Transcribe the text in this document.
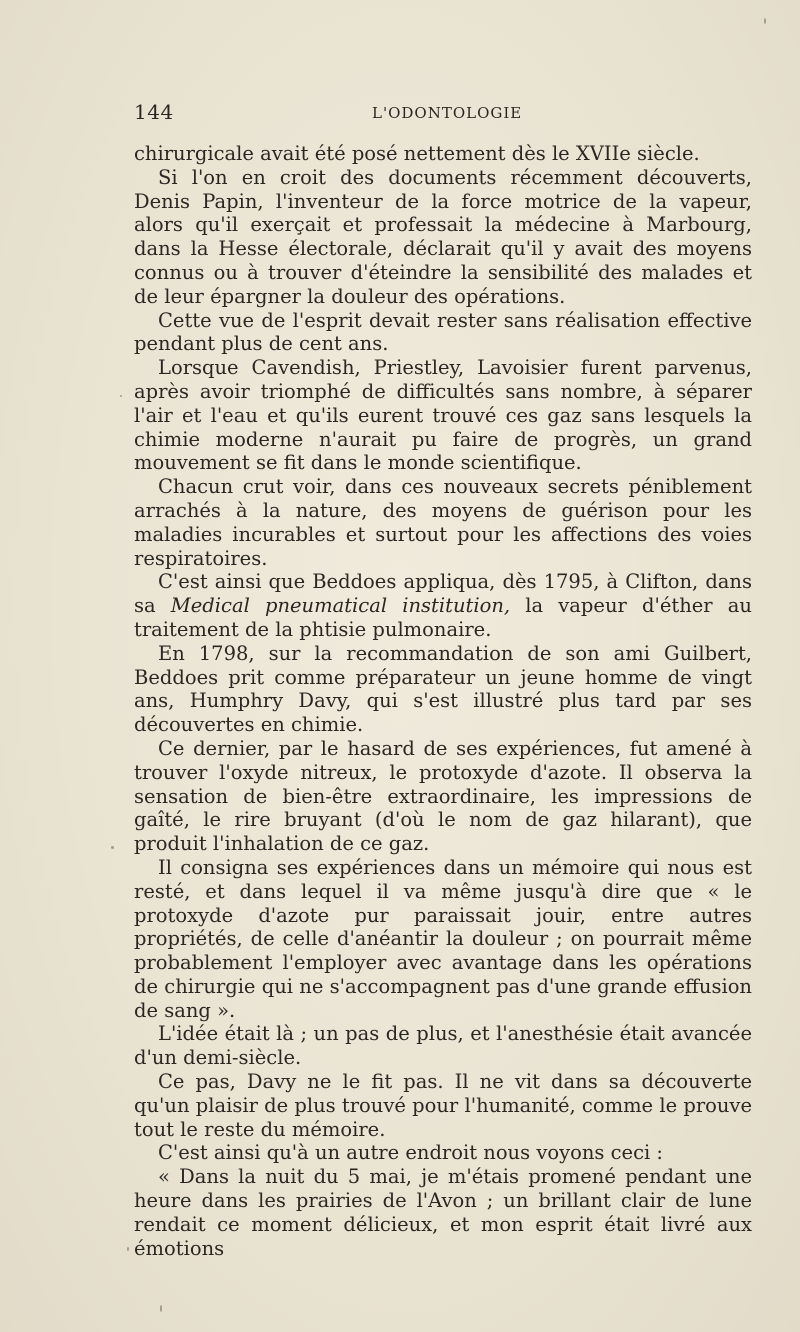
144	L'ODONTOLOGIE

chirurgicale avait été posé nettement dès le XVIIe siècle.

Si l'on en croit des documents récemment découverts, Denis Papin, l'inventeur de la force motrice de la vapeur, alors qu'il exerçait et professait la médecine à Marbourg, dans la Hesse électorale, déclarait qu'il y avait des moyens connus ou à trouver d'éteindre la sensibilité des malades et de leur épargner la douleur des opérations.

Cette vue de l'esprit devait rester sans réalisation effective pendant plus de cent ans.

Lorsque Cavendish, Priestley, Lavoisier furent parvenus, après avoir triomphé de difficultés sans nombre, à séparer l'air et l'eau et qu'ils eurent trouvé ces gaz sans lesquels la chimie moderne n'aurait pu faire de progrès, un grand mouvement se fit dans le monde scientifique.

Chacun crut voir, dans ces nouveaux secrets péniblement arrachés à la nature, des moyens de guérison pour les maladies incurables et surtout pour les affections des voies respiratoires.

C'est ainsi que Beddoes appliqua, dès 1795, à Clifton, dans sa Medical pneumatical institution, la vapeur d'éther au traitement de la phtisie pulmonaire.

En 1798, sur la recommandation de son ami Guilbert, Beddoes prit comme préparateur un jeune homme de vingt ans, Humphry Davy, qui s'est illustré plus tard par ses découvertes en chimie.

Ce dernier, par le hasard de ses expériences, fut amené à trouver l'oxyde nitreux, le protoxyde d'azote. Il observa la sensation de bien-être extraordinaire, les impressions de gaîté, le rire bruyant (d'où le nom de gaz hilarant), que produit l'inhalation de ce gaz.

Il consigna ses expériences dans un mémoire qui nous est resté, et dans lequel il va même jusqu'à dire que « le protoxyde d'azote pur paraissait jouir, entre autres propriétés, de celle d'anéantir la douleur ; on pourrait même probablement l'employer avec avantage dans les opérations de chirurgie qui ne s'accompagnent pas d'une grande effusion de sang ».

L'idée était là ; un pas de plus, et l'anesthésie était avancée d'un demi-siècle.

Ce pas, Davy ne le fit pas. Il ne vit dans sa découverte qu'un plaisir de plus trouvé pour l'humanité, comme le prouve tout le reste du mémoire.

C'est ainsi qu'à un autre endroit nous voyons ceci :

« Dans la nuit du 5 mai, je m'étais promené pendant une heure dans les prairies de l'Avon ; un brillant clair de lune rendait ce moment délicieux, et mon esprit était livré aux émotions
